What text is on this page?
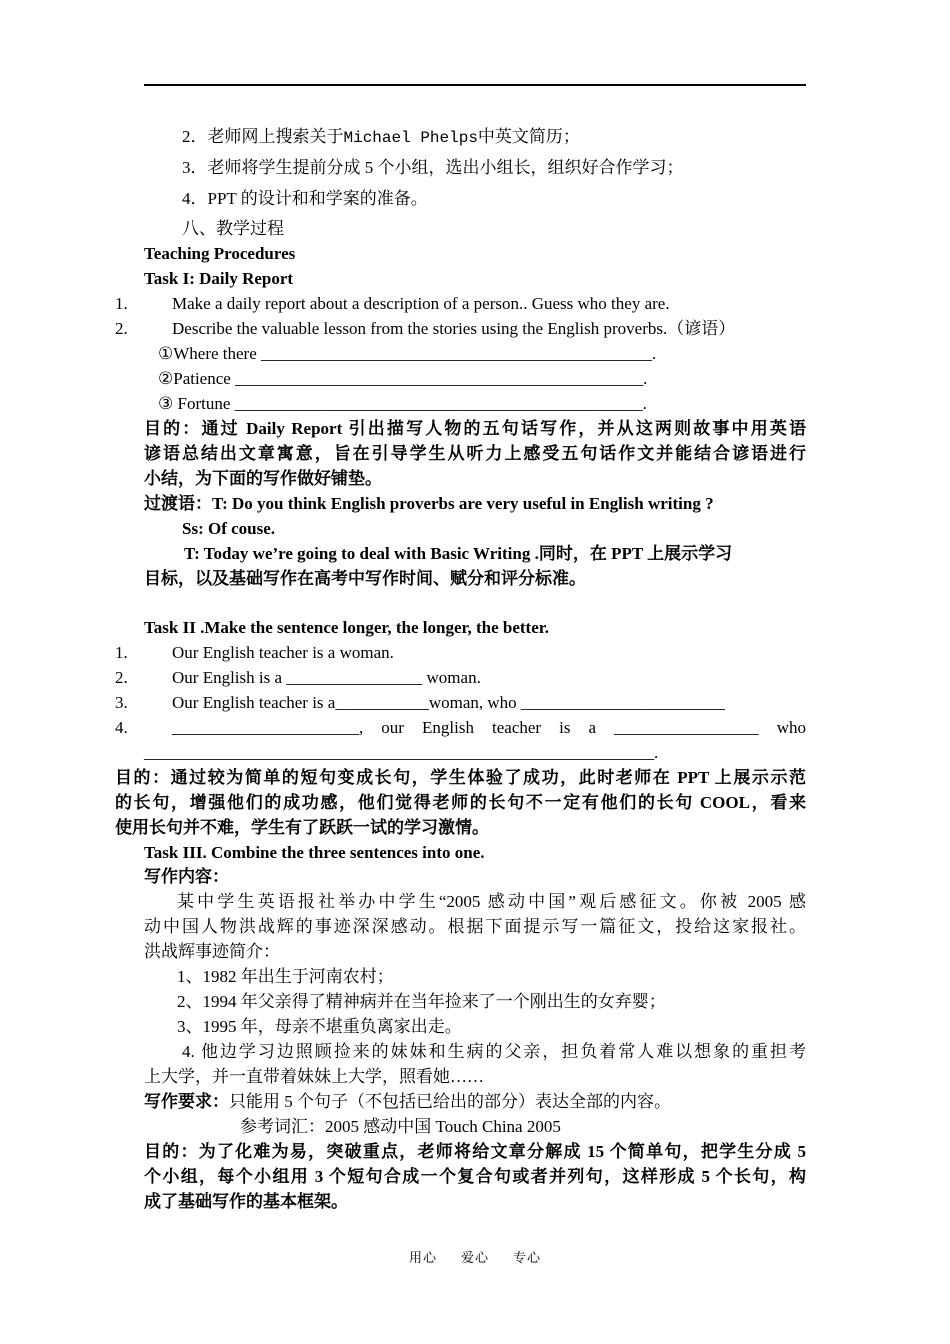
2．老师网上搜索关于Michael Phelps中英文简历；
3．老师将学生提前分成 5 个小组，选出小组长，组织好合作学习；
4．PPT 的设计和和学案的准备。
八、教学过程
Teaching Procedures
Task I: Daily Report
1.	Make a daily report about a description of a person.. Guess who they are.
2.	Describe the valuable lesson from the stories using the English proverbs.（谚语）
①Where there ______________________________________________.
②Patience ________________________________________________.
③ Fortune ________________________________________________.
目的：通过 Daily Report 引出描写人物的五句话写作，并从这两则故事中用英语
谚语总结出文章寓意，旨在引导学生从听力上感受五句话作文并能结合谚语进行
小结，为下面的写作做好铺垫。
过渡语：T: Do you think English proverbs are very useful in English writing ?
Ss: Of couse.
T: Today we’re going to deal with Basic Writing .同时，在 PPT 上展示学习
目标，以及基础写作在高考中写作时间、赋分和评分标准。
Task II .Make the sentence longer, the longer, the better.
1.	Our English teacher is a woman.
2.	Our English is a ________________ woman.
3.	Our English teacher is a___________woman, who ________________________
4.	______________________, our English teacher is a _________________ who
____________________________________________________________.
目的：通过较为简单的短句变成长句，学生体验了成功，此时老师在 PPT 上展示示范
的长句，增强他们的成功感，他们觉得老师的长句不一定有他们的长句 COOL，看来
使用长句并不难，学生有了跃跃一试的学习激情。
Task III. Combine the three sentences into one.
写作内容：
某中学生英语报社举办中学生“2005 感动中国”观后感征文。你被 2005 感
动中国人物洪战辉的事迹深深感动。根据下面提示写一篇征文，投给这家报社。
洪战辉事迹简介：
1、1982 年出生于河南农村；
2、1994 年父亲得了精神病并在当年捡来了一个刚出生的女弃婴；
3、1995 年，母亲不堪重负离家出走。
4. 他边学习边照顾捡来的妹妹和生病的父亲，担负着常人难以想象的重担考
上大学，并一直带着妹妹上大学，照看她……
写作要求：只能用 5 个句子（不包括已给出的部分）表达全部的内容。
参考词汇：2005 感动中国 Touch China 2005
目的：为了化难为易，突破重点，老师将给文章分解成 15 个简单句，把学生分成 5
个小组，每个小组用 3 个短句合成一个复合句或者并列句，这样形成 5 个长句，构
成了基础写作的基本框架。
用心 爱心 专心
